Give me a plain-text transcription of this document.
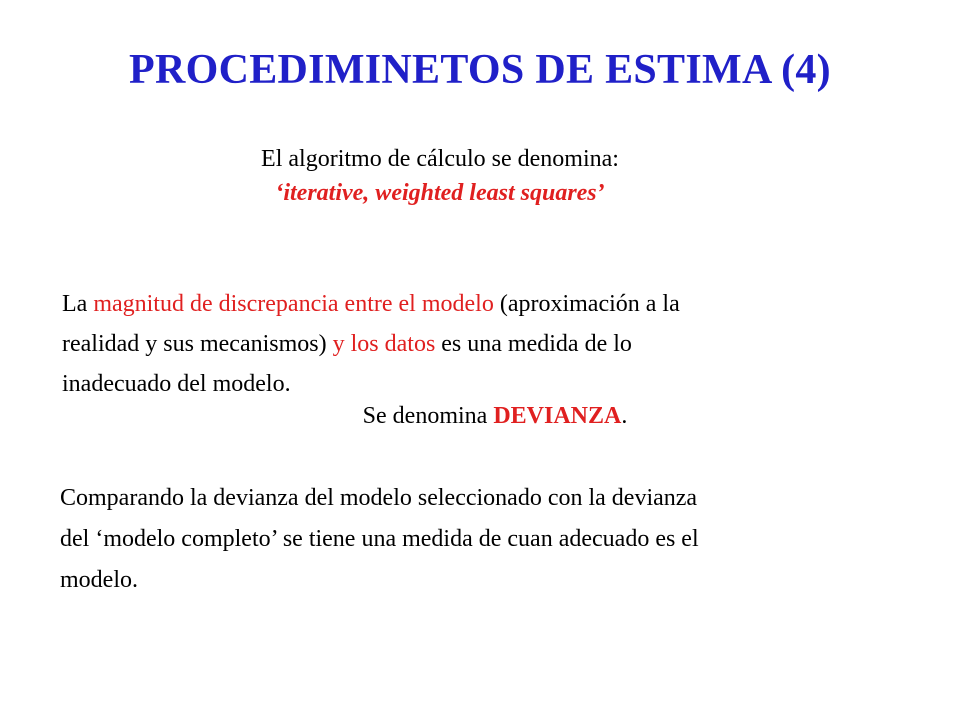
PROCEDIMINETOS DE ESTIMA (4)
El algoritmo de cálculo se denomina:
‘iterative, weighted least squares’
La magnitud de discrepancia entre el modelo (aproximación a la
realidad y sus mecanismos) y los datos es una medida de lo
inadecuado del modelo.
Se denomina DEVIANZA.
Comparando la devianza del modelo seleccionado con la devianza
del ‘modelo completo’ se tiene una medida de cuan adecuado es el
modelo.
